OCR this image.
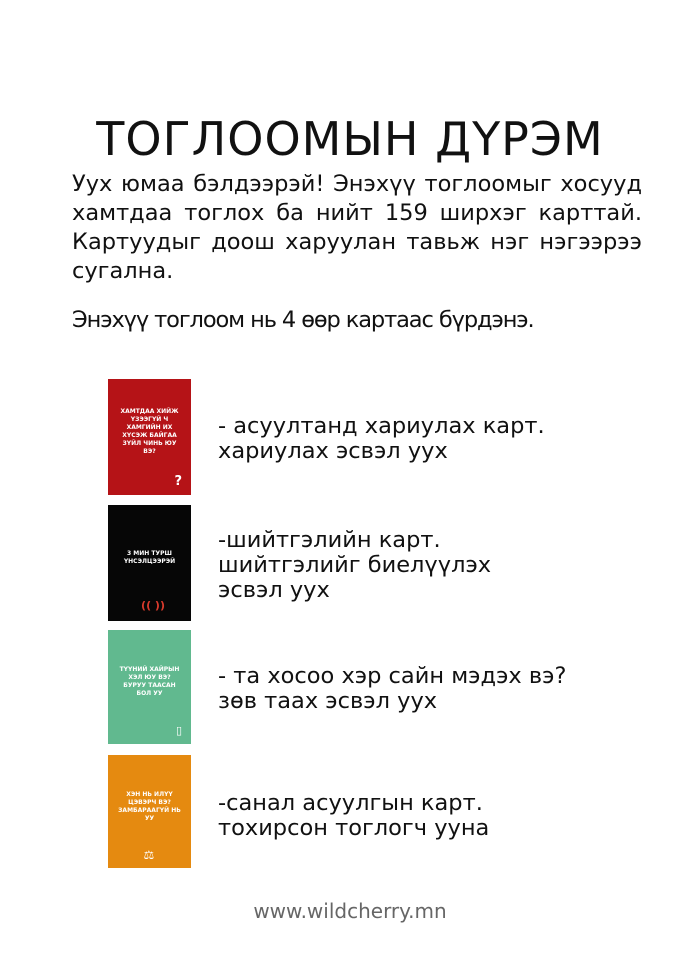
ТОГЛООМЫН ДҮРЭМ

Уух юмаа бэлдээрэй! Энэхүү тоглоомыг хосууд хамтдаа тоглох ба нийт 159 ширхэг карттай. Картуудыг доош харуулан тавьж нэг нэгээрээ сугална.

Энэхүү тоглоом нь 4 өөр картаас бүрдэнэ.

ХАМТДАА ХИЙЖ ҮЗЭЭГҮЙ Ч ХАМГИЙН ИХ ХҮСЭЖ БАЙГАА ЗҮЙЛ ЧИНЬ ЮУ ВЭ?
?
- асуултанд хариулах карт.
хариулах эсвэл уух
3 МИН ТУРШ ҮНСЭЛЦЭЭРЭЙ
(( ))
-шийтгэлийн карт.
шийтгэлийг биелүүлэх
эсвэл уух
ТҮҮНИЙ ХАЙРЫН ХЭЛ ЮУ ВЭ? БУРУУ ТААСАН БОЛ УУ
▯
- та хосоо хэр сайн мэдэх вэ?
зөв таах эсвэл уух
ХЭН НЬ ИЛҮҮ ЦЭВЭРЧ ВЭ? ЗАМБАРААГҮЙ НЬ УУ
⚖
-санал асуулгын карт.
тохирсон тоглогч ууна
www.wildcherry.mn
